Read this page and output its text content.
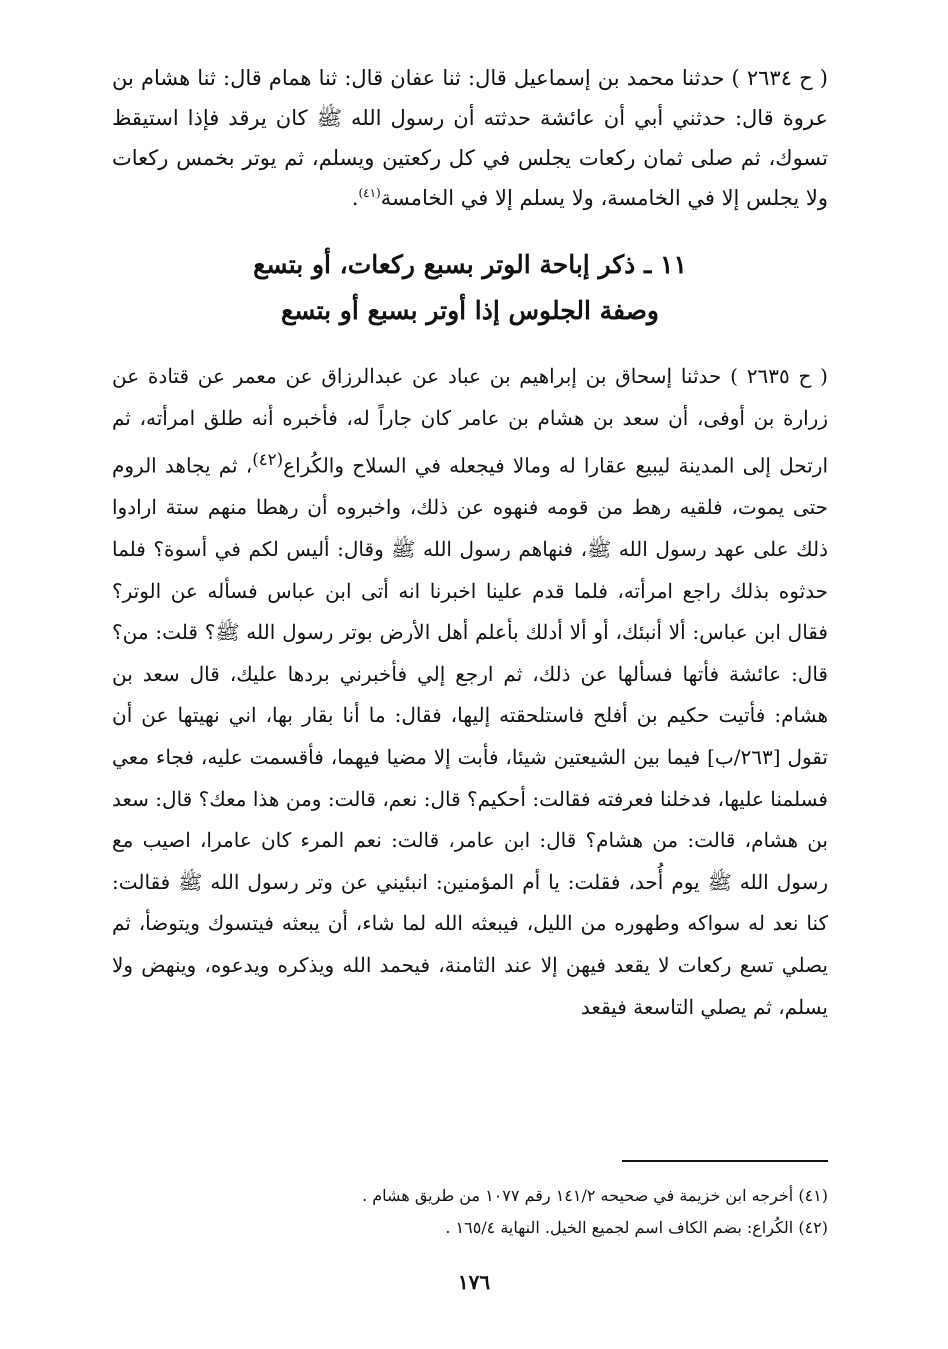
( ح ٢٦٣٤ ) حدثنا محمد بن إسماعيل قال: ثنا عفان قال: ثنا همام قال: ثنا هشام بن عروة قال: حدثني أبي أن عائشة حدثته أن رسول الله ﷺ كان يرقد فإذا استيقظ تسوك، ثم صلى ثمان ركعات يجلس في كل ركعتين ويسلم، ثم يوتر بخمس ركعات ولا يجلس إلا في الخامسة، ولا يسلم إلا في الخامسة$^{(٤١)}$.

١١ ـ ذكر إباحة الوتر بسبع ركعات، أو بتسع
وصفة الجلوس إذا أوتر بسبع أو بتسع

( ح ٢٦٣٥ ) حدثنا إسحاق بن إبراهيم بن عباد عن عبدالرزاق عن معمر عن قتادة عن زرارة بن أوفى، أن سعد بن هشام بن عامر كان جاراً له، فأخبره أنه طلق امرأته، ثم ارتحل إلى المدينة ليبيع عقارا له ومالا فيجعله في السلاح والكُراع$^{(٤٢)}$، ثم يجاهد الروم حتى يموت، فلقيه رهط من قومه فنهوه عن ذلك، واخبروه أن رهطا منهم ستة ارادوا ذلك على عهد رسول الله ﷺ، فنهاهم رسول الله ﷺ وقال: أليس لكم في أسوة؟ فلما حدثوه بذلك راجع امرأته، فلما قدم علينا اخبرنا انه أتى ابن عباس فسأله عن الوتر؟ فقال ابن عباس: ألا أنبئك، أو ألا أدلك بأعلم أهل الأرض بوتر رسول الله ﷺ؟ قلت: من؟ قال: عائشة فأتها فسألها عن ذلك، ثم ارجع إلي فأخبرني بردها عليك، قال سعد بن هشام: فأتيت حكيم بن أفلح فاستلحقته إليها، فقال: ما أنا بقار بها، اني نهيتها عن أن تقول [٢٦٣/ب] فيما بين الشيعتين شيئا، فأبت إلا مضيا فيهما، فأقسمت عليه، فجاء معي فسلمنا عليها، فدخلنا فعرفته فقالت: أحكيم؟ قال: نعم، قالت: ومن هذا معك؟ قال: سعد بن هشام، قالت: من هشام؟ قال: ابن عامر، قالت: نعم المرء كان عامرا، اصيب مع رسول الله ﷺ يوم أُحد، فقلت: يا أم المؤمنين: انبئيني عن وتر رسول الله ﷺ فقالت: كنا نعد له سواكه وطهوره من الليل، فيبعثه الله لما شاء، أن يبعثه فيتسوك ويتوضأ، ثم يصلي تسع ركعات لا يقعد فيهن إلا عند الثامنة، فيحمد الله ويذكره ويدعوه، وينهض ولا يسلم، ثم يصلي التاسعة فيقعد

(٤١) أخرجه ابن خزيمة في صحيحه ١٤١/٢ رقم ١٠٧٧ من طريق هشام .
(٤٢) الكُراع: بضم الكاف اسم لجميع الخيل. النهاية ١٦٥/٤ .
١٧٦
